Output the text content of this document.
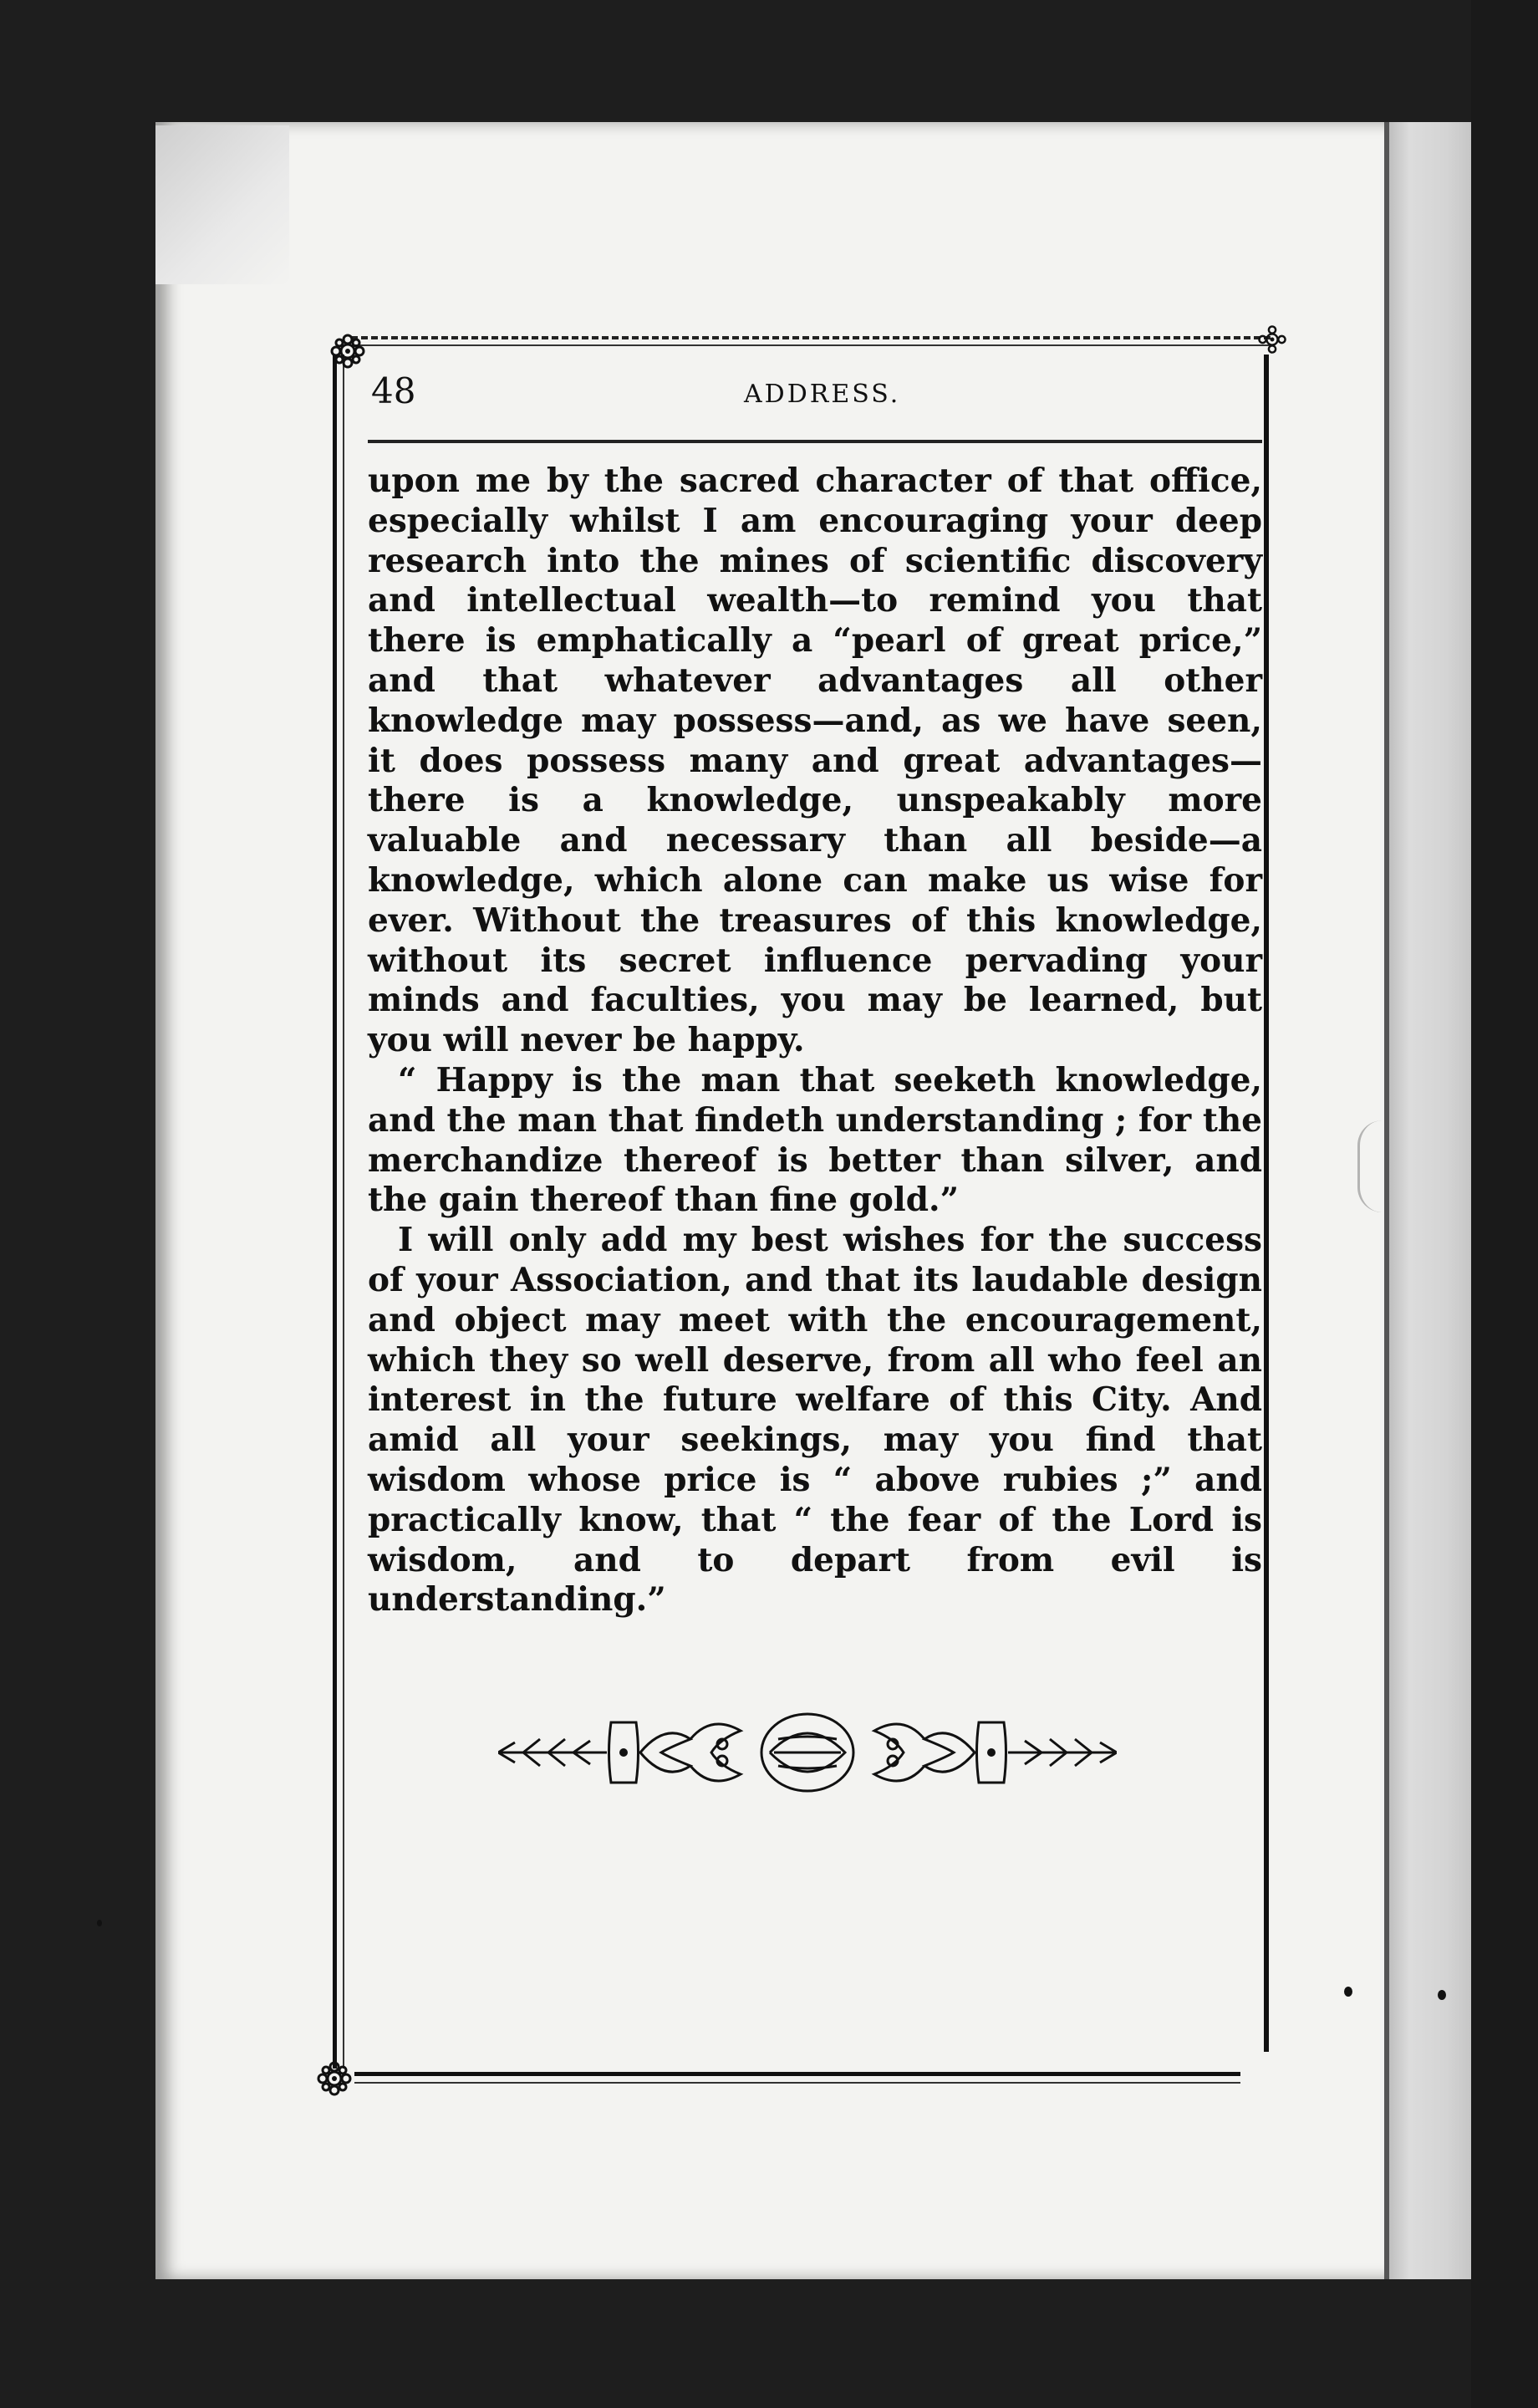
48	ADDRESS.

upon me by the sacred character of that office, especially whilst I am encouraging your deep research into the mines of scientific discovery and intellectual wealth—to remind you that there is emphatically a “pearl of great price,” and that whatever advantages all other knowledge may possess—and, as we have seen, it does possess many and great advantages—there is a knowledge, unspeakably more valuable and necessary than all beside—a knowledge, which alone can make us wise for ever. Without the treasures of this knowledge, without its secret influence pervading your minds and faculties, you may be learned, but you will never be happy.

“ Happy is the man that seeketh knowledge, and the man that findeth understanding ; for the merchandize thereof is better than silver, and the gain thereof than fine gold.”

I will only add my best wishes for the success of your Association, and that its laudable design and object may meet with the encouragement, which they so well deserve, from all who feel an interest in the future welfare of this City. And amid all your seekings, may you find that wisdom whose price is “ above rubies ;” and practically know, that “ the fear of the Lord is wisdom, and to depart from evil is understanding.”
